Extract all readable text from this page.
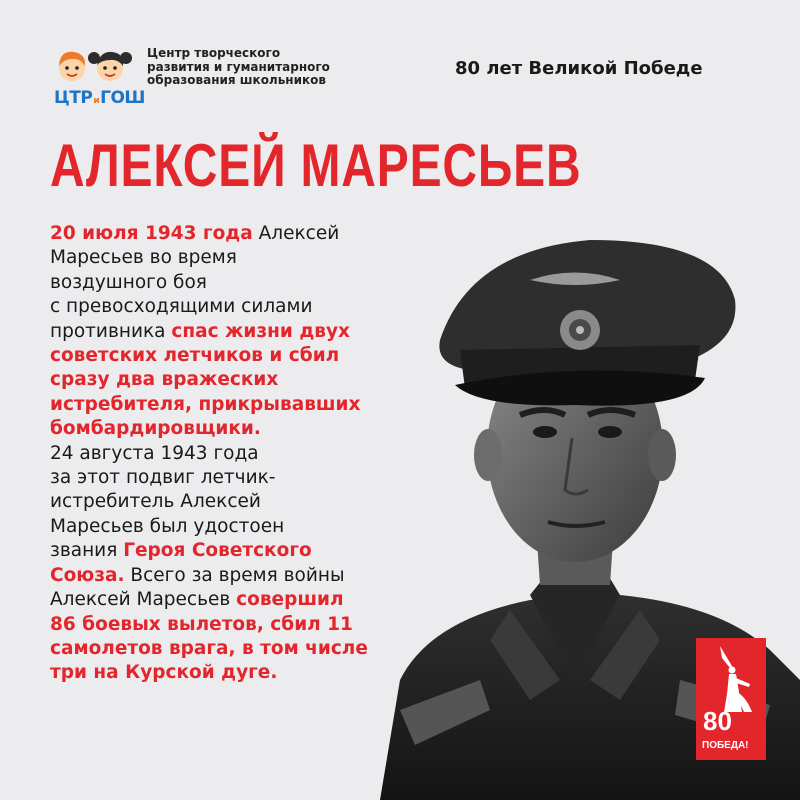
ЦТРиГОШ
Центр творческого
развития и гуманитарного
образования школьников
80 лет Великой Победе
АЛЕКСЕЙ МАРЕСЬЕВ
20 июля 1943 года Алексей
Маресьев во время
воздушного боя
с превосходящими силами
противника спас жизни двух
советских летчиков и сбил
сразу два вражеских
истребителя, прикрывавших
бомбардировщики.
24 августа 1943 года
за этот подвиг летчик-
истребитель Алексей
Маресьев был удостоен
звания Героя Советского
Союза. Всего за время войны
Алексей Маресьев совершил
86 боевых вылетов, сбил 11
самолетов врага, в том числе
три на Курской дуге.
80
ПОБЕДА!
